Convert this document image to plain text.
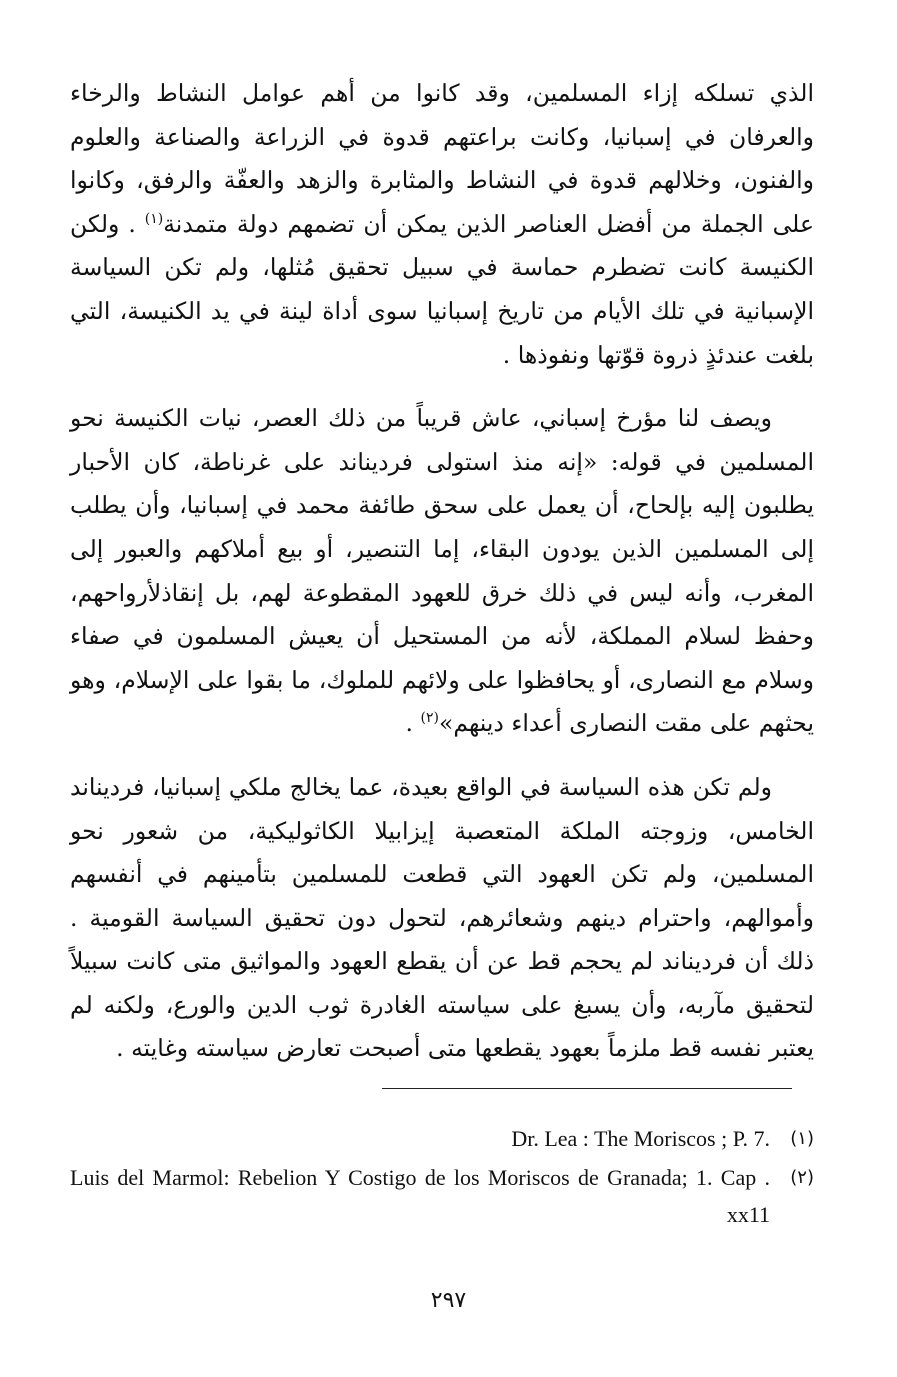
الذي تسلكه إزاء المسلمين، وقد كانوا من أهم عوامل النشاط والرخاء والعرفان في إسبانيا، وكانت براعتهم قدوة في الزراعة والصناعة والعلوم والفنون، وخلالهم قدوة في النشاط والمثابرة والزهد والعفّة والرفق، وكانوا على الجملة من أفضل العناصر الذين يمكن أن تضمهم دولة متمدنة$^{(١)}$ . ولكن الكنيسة كانت تضطرم حماسة في سبيل تحقيق مُثلها، ولم تكن السياسة الإسبانية في تلك الأيام من تاريخ إسبانيا سوى أداة لينة في يد الكنيسة، التي بلغت عندئذٍ ذروة قوّتها ونفوذها .

ويصف لنا مؤرخ إسباني، عاش قريباً من ذلك العصر، نيات الكنيسة نحو المسلمين في قوله: «إنه منذ استولى فرديناند على غرناطة، كان الأحبار يطلبون إليه بإلحاح، أن يعمل على سحق طائفة محمد في إسبانيا، وأن يطلب إلى المسلمين الذين يودون البقاء، إما التنصير، أو بيع أملاكهم والعبور إلى المغرب، وأنه ليس في ذلك خرق للعهود المقطوعة لهم، بل إنقاذلأرواحهم، وحفظ لسلام المملكة، لأنه من المستحيل أن يعيش المسلمون في صفاء وسلام مع النصارى، أو يحافظوا على ولائهم للملوك، ما بقوا على الإسلام، وهو يحثهم على مقت النصارى أعداء دينهم»$^{(٢)}$ .

ولم تكن هذه السياسة في الواقع بعيدة، عما يخالج ملكي إسبانيا، فرديناند الخامس، وزوجته الملكة المتعصبة إيزابيلا الكاثوليكية، من شعور نحو المسلمين، ولم تكن العهود التي قطعت للمسلمين بتأمينهم في أنفسهم وأموالهم، واحترام دينهم وشعائرهم، لتحول دون تحقيق السياسة القومية . ذلك أن فرديناند لم يحجم قط عن أن يقطع العهود والمواثيق متى كانت سبيلاً لتحقيق مآربه، وأن يسبغ على سياسته الغادرة ثوب الدين والورع، ولكنه لم يعتبر نفسه قط ملزماً بعهود يقطعها متى أصبحت تعارض سياسته وغايته .

(١)
Dr. Lea : The Moriscos ; P. 7.

(٢)
Luis del Marmol: Rebelion Y Costigo de los Moriscos de Granada; 1. Cap . xx11

٢٩٧
